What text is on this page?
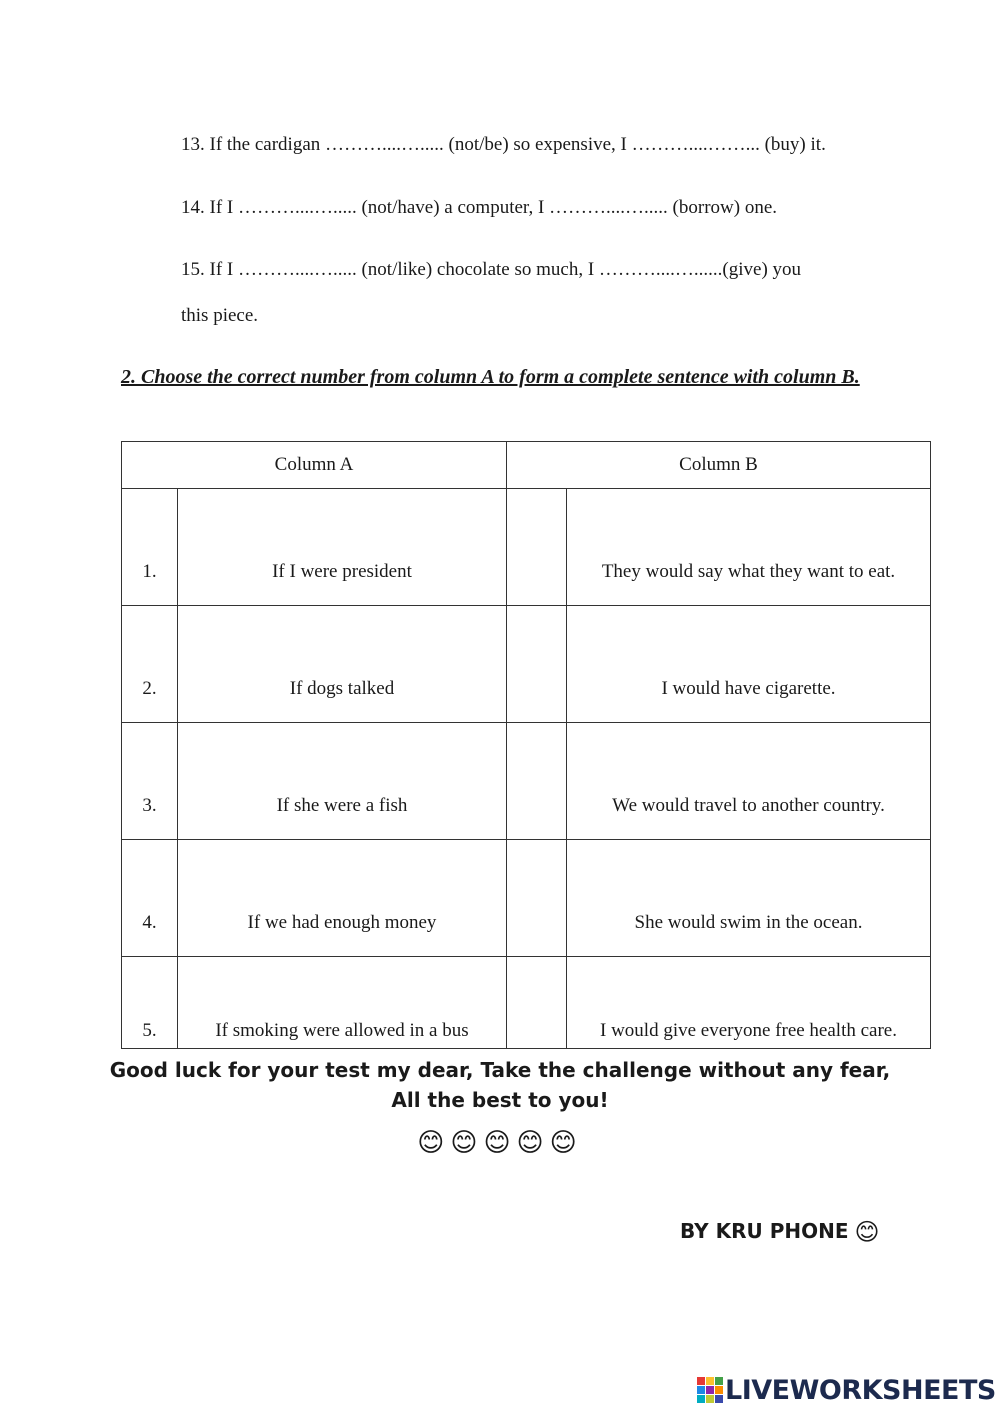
13. If the cardigan ………....…..... (not/be) so expensive, I ………....……... (buy) it.
14. If I ………....…..... (not/have) a computer, I ………....…..... (borrow) one.
15. If I ………....…..... (not/like) chocolate so much, I ………....…......(give) you
this piece.
2. Choose the correct number from column A to form a complete sentence with column B.
Column A		Column B	
1.	If I were president		They would say what they want to eat.
2.	If dogs talked		I would have cigarette.
3.	If she were a fish		We would travel to another country.
4.	If we had enough money		She would swim in the ocean.
5.	If smoking were allowed in a bus		I would give everyone free health care.
Good luck for your test my dear, Take the challenge without any fear,
All the best to you!
😊😊😊😊😊
BY KRU PHONE 😊
LIVEWORKSHEETS
